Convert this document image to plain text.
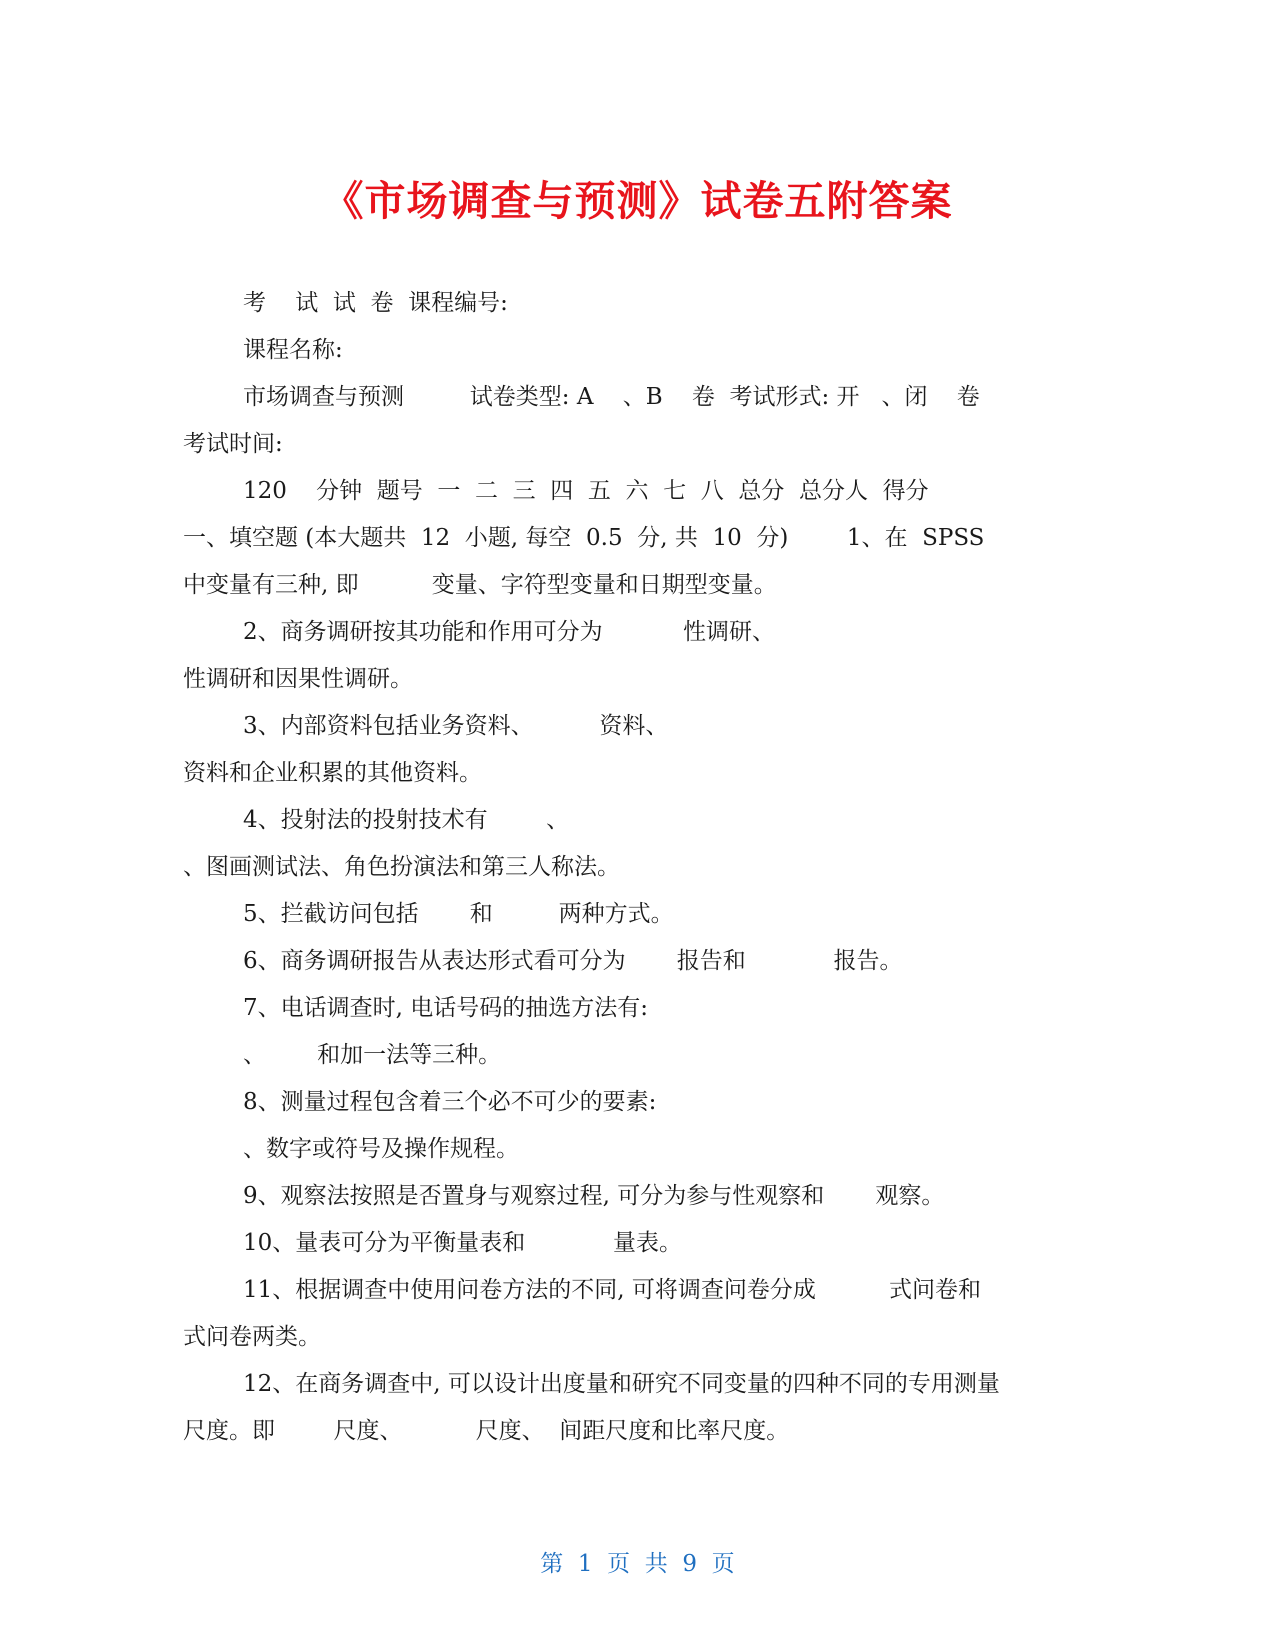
《市场调查与预测》试卷五附答案
考    试  试  卷  课程编号:
课程名称:
市场调查与预测         试卷类型: A    、B    卷  考试形式: 开   、闭    卷
考试时间:
120    分钟  题号  一  二  三  四  五  六  七  八  总分  总分人  得分
一、填空题 (本大题共  12  小题, 每空  0.5  分, 共  10  分)        1、在  SPSS
中变量有三种, 即          变量、字符型变量和日期型变量。
2、商务调研按其功能和作用可分为           性调研、
性调研和因果性调研。
3、内部资料包括业务资料、         资料、
资料和企业积累的其他资料。
4、投射法的投射技术有        、
、图画测试法、角色扮演法和第三人称法。
5、拦截访问包括       和         两种方式。
6、商务调研报告从表达形式看可分为       报告和            报告。
7、电话调查时, 电话号码的抽选方法有:
、       和加一法等三种。
8、测量过程包含着三个必不可少的要素:
、数字或符号及操作规程。
9、观察法按照是否置身与观察过程, 可分为参与性观察和       观察。
10、量表可分为平衡量表和            量表。
11、根据调查中使用问卷方法的不同, 可将调查问卷分成          式问卷和
式问卷两类。
12、在商务调查中, 可以设计出度量和研究不同变量的四种不同的专用测量
尺度。即        尺度、          尺度、  间距尺度和比率尺度。
第  1  页  共  9  页
